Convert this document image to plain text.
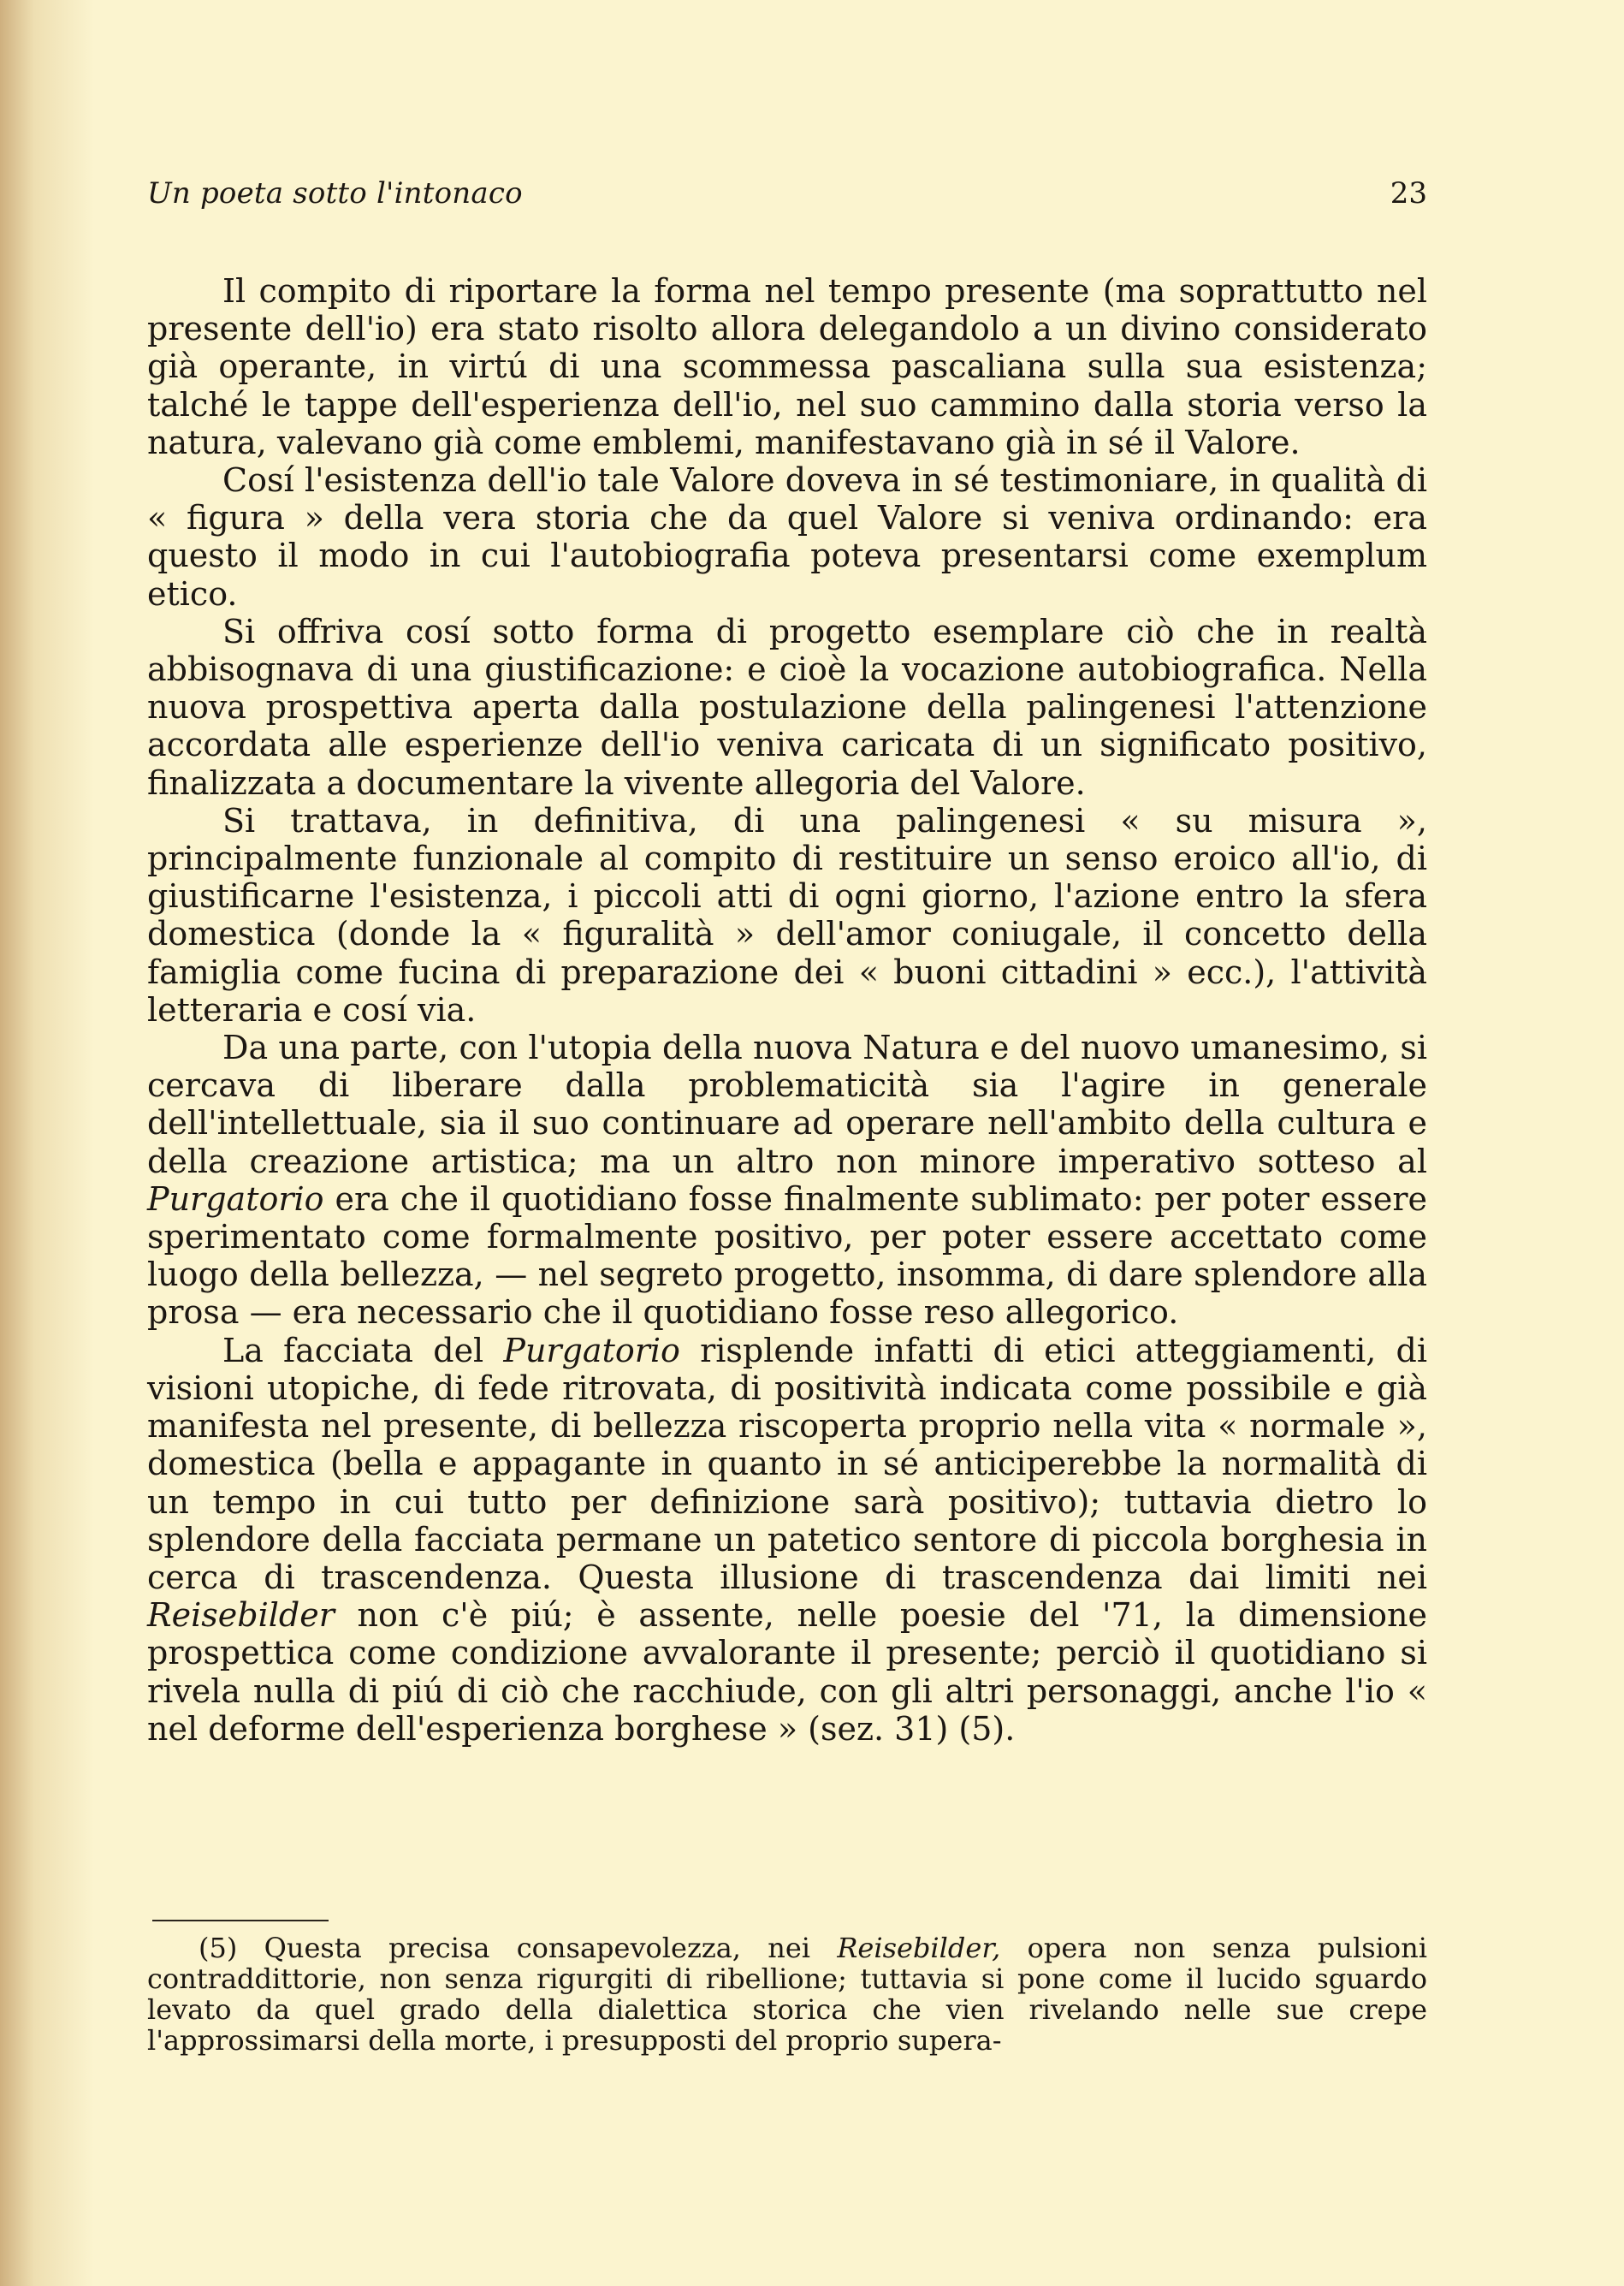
Un poeta sotto l'intonaco	23

Il compito di riportare la forma nel tempo presente (ma soprattutto nel presente dell'io) era stato risolto allora delegandolo a un divino considerato già operante, in virtú di una scommessa pascaliana sulla sua esistenza; talché le tappe dell'esperienza dell'io, nel suo cammino dalla storia verso la natura, valevano già come emblemi, manifestavano già in sé il Valore.

Cosí l'esistenza dell'io tale Valore doveva in sé testimoniare, in qualità di « figura » della vera storia che da quel Valore si veniva ordinando: era questo il modo in cui l'autobiografia poteva presentarsi come exemplum etico.

Si offriva cosí sotto forma di progetto esemplare ciò che in realtà abbisognava di una giustificazione: e cioè la vocazione autobiografica. Nella nuova prospettiva aperta dalla postulazione della palingenesi l'attenzione accordata alle esperienze dell'io veniva caricata di un significato positivo, finalizzata a documentare la vivente allegoria del Valore.

Si trattava, in definitiva, di una palingenesi « su misura », principalmente funzionale al compito di restituire un senso eroico all'io, di giustificarne l'esistenza, i piccoli atti di ogni giorno, l'azione entro la sfera domestica (donde la « figuralità » dell'amor coniugale, il concetto della famiglia come fucina di preparazione dei « buoni cittadini » ecc.), l'attività letteraria e cosí via.

Da una parte, con l'utopia della nuova Natura e del nuovo umanesimo, si cercava di liberare dalla problematicità sia l'agire in generale dell'intellettuale, sia il suo continuare ad operare nell'ambito della cultura e della creazione artistica; ma un altro non minore imperativo sotteso al Purgatorio era che il quotidiano fosse finalmente sublimato: per poter essere sperimentato come formalmente positivo, per poter essere accettato come luogo della bellezza, — nel segreto progetto, insomma, di dare splendore alla prosa — era necessario che il quotidiano fosse reso allegorico.

La facciata del Purgatorio risplende infatti di etici atteggiamenti, di visioni utopiche, di fede ritrovata, di positività indicata come possibile e già manifesta nel presente, di bellezza riscoperta proprio nella vita « normale », domestica (bella e appagante in quanto in sé anticiperebbe la normalità di un tempo in cui tutto per definizione sarà positivo); tuttavia dietro lo splendore della facciata permane un patetico sentore di piccola borghesia in cerca di trascendenza. Questa illusione di trascendenza dai limiti nei Reisebilder non c'è piú; è assente, nelle poesie del '71, la dimensione prospettica come condizione avvalorante il presente; perciò il quotidiano si rivela nulla di piú di ciò che racchiude, con gli altri personaggi, anche l'io « nel deforme dell'esperienza borghese » (sez. 31) (5).

(5) Questa precisa consapevolezza, nei Reisebilder, opera non senza pulsioni contraddittorie, non senza rigurgiti di ribellione; tuttavia si pone come il lucido sguardo levato da quel grado della dialettica storica che vien rivelando nelle sue crepe l'approssimarsi della morte, i presupposti del proprio supera-
